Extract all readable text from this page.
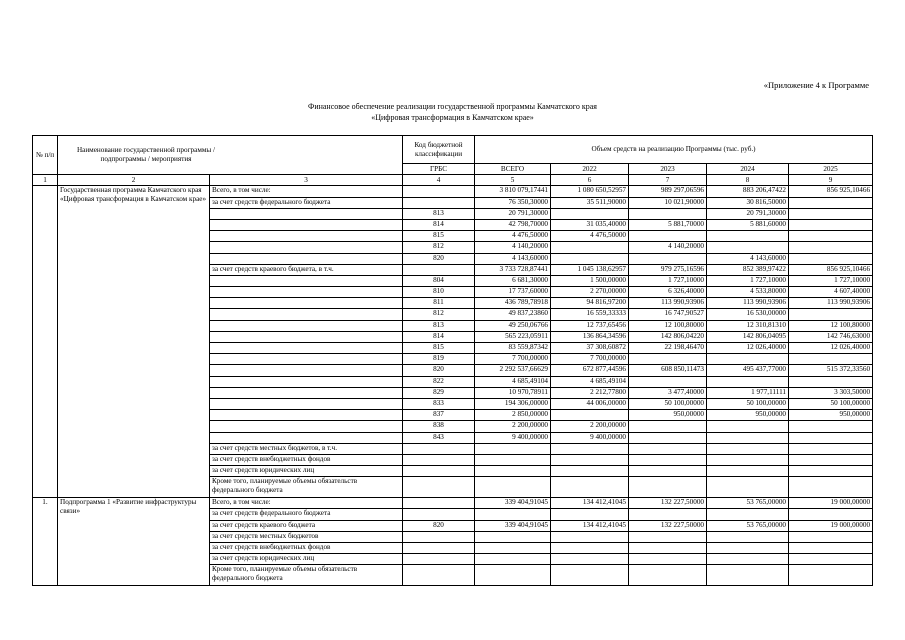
«Приложение 4 к Программе
Финансовое обеспечение реализации государственной программы Камчатского края
«Цифровая трансформация в Камчатском крае»
№ п/п	Наименование государственной программы / подпрограммы / мероприятия		Код бюджетной классификации	Объем средств на реализацию Программы (тыс. руб.)				
			ГРБС	ВСЕГО	2022	2023	2024	2025
1	2	3	4	5	6	7	8	9
	Государственная программа Камчатского края «Цифровая трансформация в Камчатском крае»	Всего, в том числе:		3 810 079,17441	1 080 650,52957	989 297,06596	883 206,47422	856 925,10466
		за счет средств федерального бюджета		76 350,30000	35 511,90000	10 021,90000	30 816,50000	
			813	20 791,30000			20 791,30000	
			814	42 798,70000	31 035,40000	5 881,70000	5 881,60000	
			815	4 476,50000	4 476,50000			
			812	4 140,20000		4 140,20000		
			820	4 143,60000			4 143,60000	
		за счет средств краевого бюджета, в т.ч.		3 733 728,87441	1 045 138,62957	979 275,16596	852 389,97422	856 925,10466
			804	6 681,30000	1 500,00000	1 727,10000	1 727,10000	1 727,10000
			810	17 737,60000	2 270,00000	6 326,40000	4 533,80000	4 607,40000
			811	436 789,78918	94 816,97200	113 990,93906	113 990,93906	113 990,93906
			812	49 837,23860	16 559,33333	16 747,90527	16 530,00000	
			813	49 250,06766	12 737,65456	12 100,80000	12 310,81310	12 100,80000
			814	565 223,05911	136 864,34596	142 806,04220	142 806,04095	142 746,63000
			815	83 559,87342	37 308,60872	22 198,46470	12 026,40000	12 026,40000
			819	7 700,00000	7 700,00000			
			820	2 292 537,66629	672 877,44596	608 850,11473	495 437,77000	515 372,33560
			822	4 685,49104	4 685,49104			
			829	10 970,78911	2 212,77800	3 477,40000	1 977,11111	3 303,50000
			833	194 306,00000	44 006,00000	50 100,00000	50 100,00000	50 100,00000
			837	2 850,00000		950,00000	950,00000	950,00000
			838	2 200,00000	2 200,00000			
			843	9 400,00000	9 400,00000			
		за счет средств местных бюджетов, в т.ч.						
		за счет средств внебюджетных фондов						
		за счет средств юридических лиц						
		Кроме того, планируемые объемы обязательств федерального бюджета						
1.	Подпрограмма 1 «Развитие инфраструктуры связи»	Всего, в том числе:		339 404,91045	134 412,41045	132 227,50000	53 765,00000	19 000,00000
		за счет средств федерального бюджета						
		за счет средств краевого бюджета	820	339 404,91045	134 412,41045	132 227,50000	53 765,00000	19 000,00000
		за счет средств местных бюджетов						
		за счет средств внебюджетных фондов						
		за счет средств юридических лиц						
		Кроме того, планируемые объемы обязательств федерального бюджета						
